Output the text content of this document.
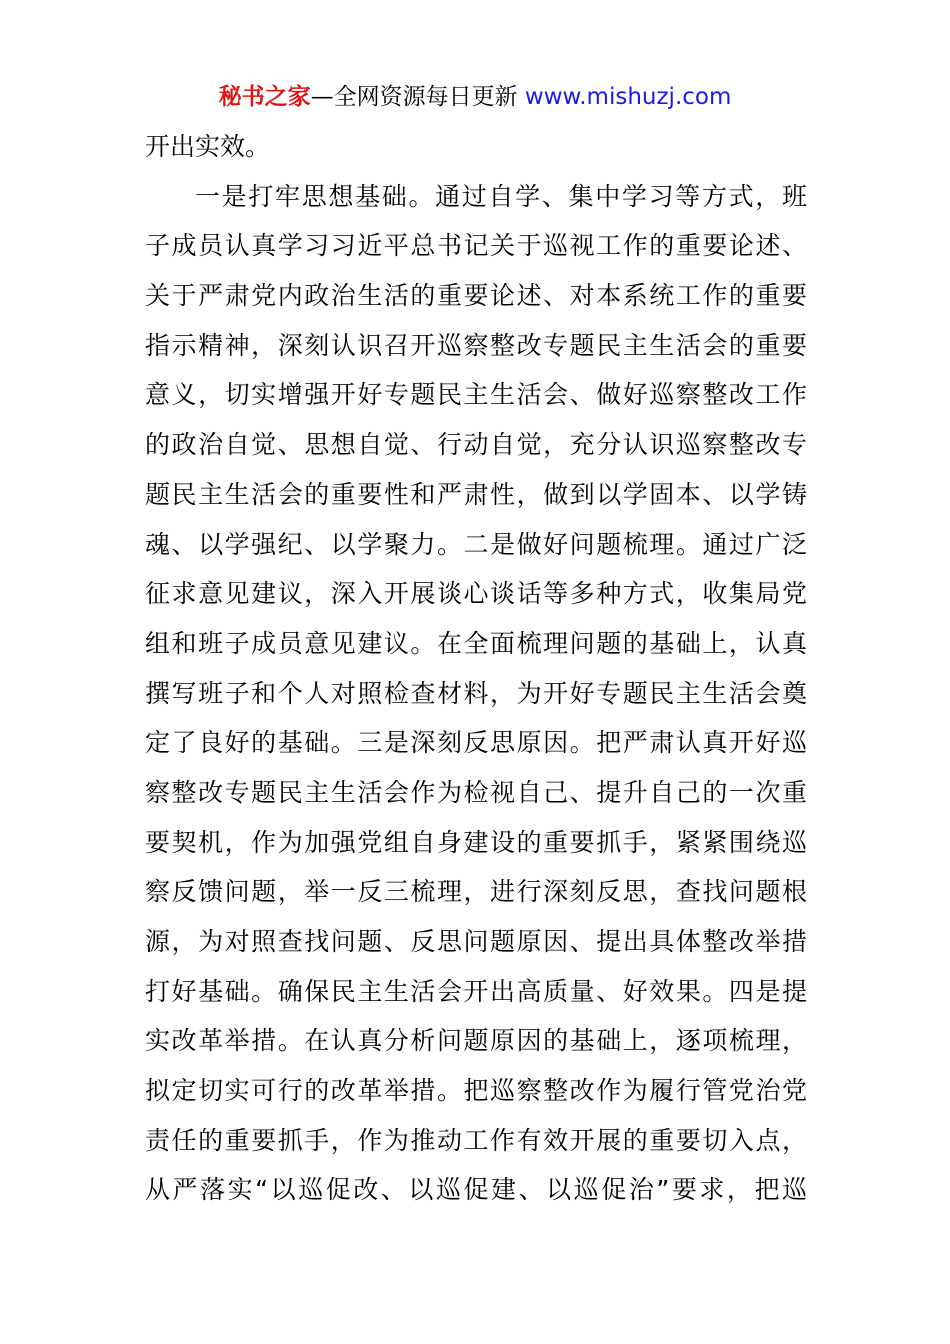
秘书之家—全网资源每日更新 www.mishuzj.com
开出实效。
一是打牢思想基础。通过自学、集中学习等方式，班
子成员认真学习习近平总书记关于巡视工作的重要论述、
关于严肃党内政治生活的重要论述、对本系统工作的重要
指示精神，深刻认识召开巡察整改专题民主生活会的重要
意义，切实增强开好专题民主生活会、做好巡察整改工作
的政治自觉、思想自觉、行动自觉，充分认识巡察整改专
题民主生活会的重要性和严肃性，做到以学固本、以学铸
魂、以学强纪、以学聚力。二是做好问题梳理。通过广泛
征求意见建议，深入开展谈心谈话等多种方式，收集局党
组和班子成员意见建议。在全面梳理问题的基础上，认真
撰写班子和个人对照检查材料，为开好专题民主生活会奠
定了良好的基础。三是深刻反思原因。把严肃认真开好巡
察整改专题民主生活会作为检视自己、提升自己的一次重
要契机，作为加强党组自身建设的重要抓手，紧紧围绕巡
察反馈问题，举一反三梳理，进行深刻反思，查找问题根
源，为对照查找问题、反思问题原因、提出具体整改举措
打好基础。确保民主生活会开出高质量、好效果。四是提
实改革举措。在认真分析问题原因的基础上，逐项梳理，
拟定切实可行的改革举措。把巡察整改作为履行管党治党
责任的重要抓手，作为推动工作有效开展的重要切入点，
从严落实“以巡促改、以巡促建、以巡促治”要求，把巡
